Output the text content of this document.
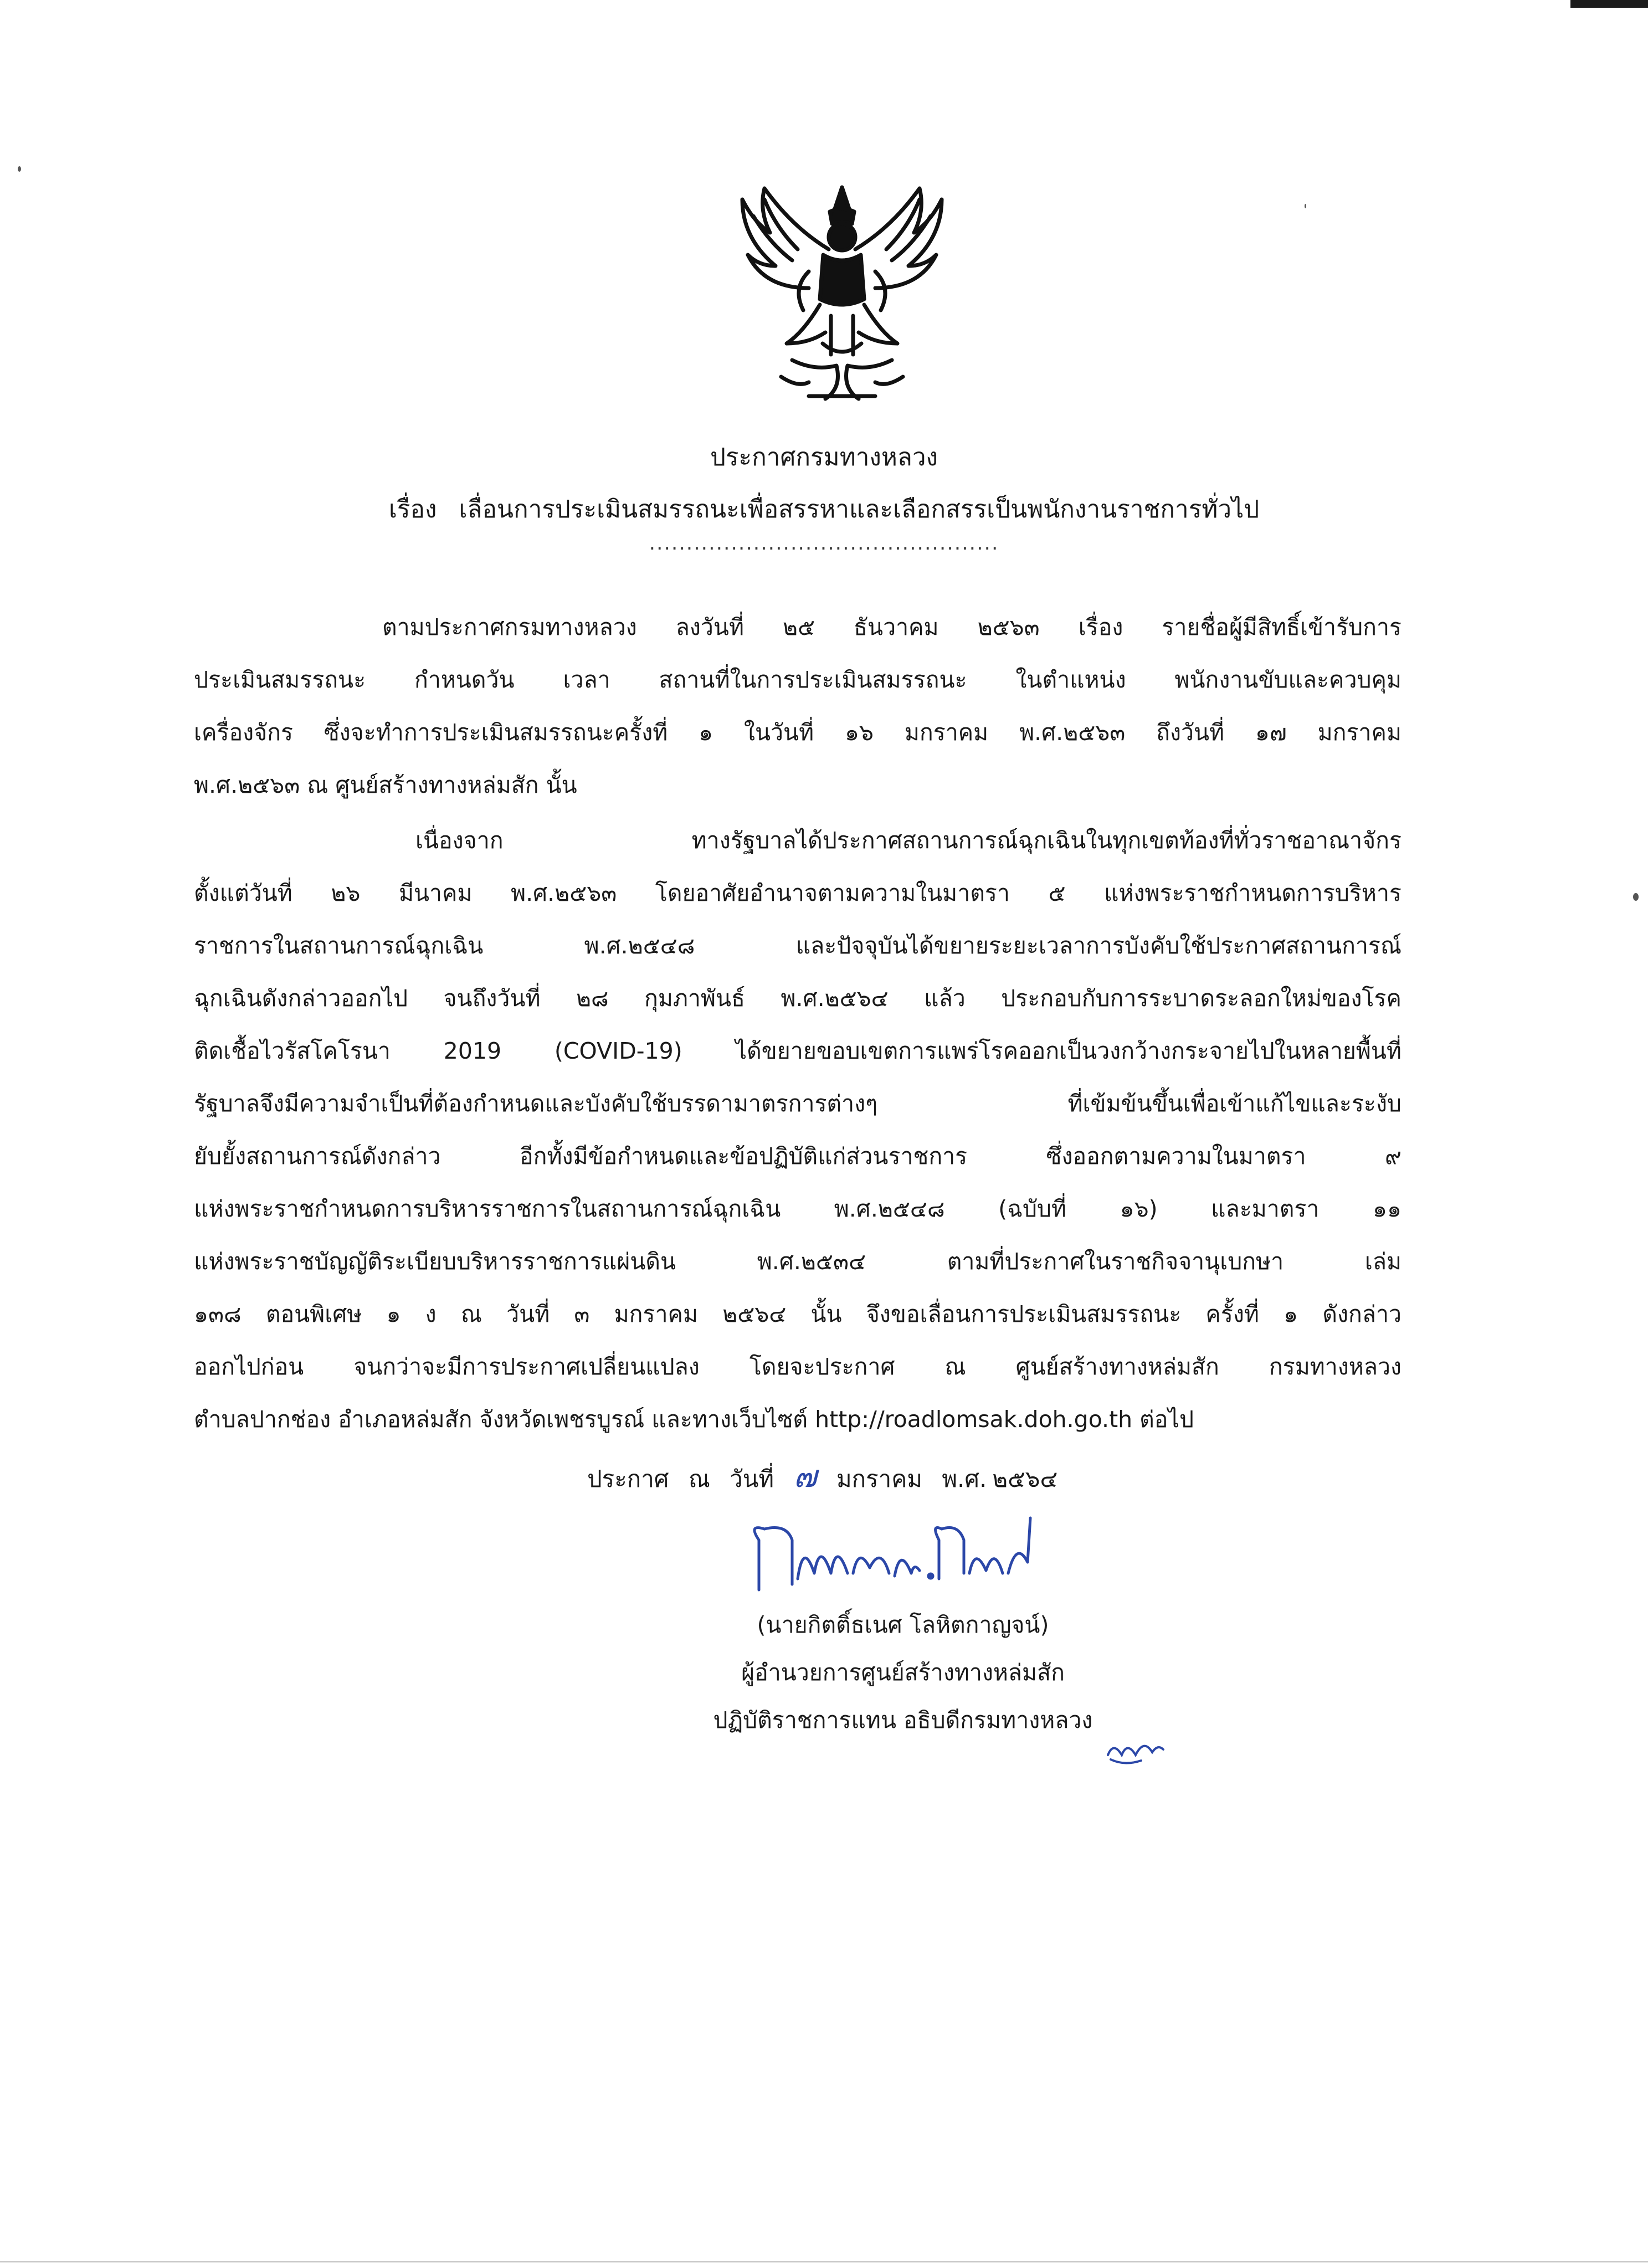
ประกาศกรมทางหลวง
เรื่อง เลื่อนการประเมินสมรรถนะเพื่อสรรหาและเลือกสรรเป็นพนักงานราชการทั่วไป
...............................................
ตามประกาศกรมทางหลวง ลงวันที่ ๒๕ ธันวาคม ๒๕๖๓ เรื่อง รายชื่อผู้มีสิทธิ์เข้ารับการ
ประเมินสมรรถนะ กำหนดวัน เวลา สถานที่ในการประเมินสมรรถนะ ในตำแหน่ง พนักงานขับและควบคุม
เครื่องจักร ซึ่งจะทำการประเมินสมรรถนะครั้งที่ ๑ ในวันที่ ๑๖ มกราคม พ.ศ.๒๕๖๓ ถึงวันที่ ๑๗ มกราคม
พ.ศ.๒๕๖๓ ณ ศูนย์สร้างทางหล่มสัก นั้น
เนื่องจาก ทางรัฐบาลได้ประกาศสถานการณ์ฉุกเฉินในทุกเขตท้องที่ทั่วราชอาณาจักร
ตั้งแต่วันที่ ๒๖ มีนาคม พ.ศ.๒๕๖๓ โดยอาศัยอำนาจตามความในมาตรา ๕ แห่งพระราชกำหนดการบริหาร
ราชการในสถานการณ์ฉุกเฉิน พ.ศ.๒๕๔๘ และปัจจุบันได้ขยายระยะเวลาการบังคับใช้ประกาศสถานการณ์
ฉุกเฉินดังกล่าวออกไป จนถึงวันที่ ๒๘ กุมภาพันธ์ พ.ศ.๒๕๖๔ แล้ว ประกอบกับการระบาดระลอกใหม่ของโรค
ติดเชื้อไวรัสโคโรนา 2019 (COVID-19) ได้ขยายขอบเขตการแพร่โรคออกเป็นวงกว้างกระจายไปในหลายพื้นที่
รัฐบาลจึงมีความจำเป็นที่ต้องกำหนดและบังคับใช้บรรดามาตรการต่างๆ ที่เข้มข้นขึ้นเพื่อเข้าแก้ไขและระงับ
ยับยั้งสถานการณ์ดังกล่าว อีกทั้งมีข้อกำหนดและข้อปฏิบัติแก่ส่วนราชการ ซึ่งออกตามความในมาตรา ๙
แห่งพระราชกำหนดการบริหารราชการในสถานการณ์ฉุกเฉิน พ.ศ.๒๕๔๘ (ฉบับที่ ๑๖) และมาตรา ๑๑
แห่งพระราชบัญญัติระเบียบบริหารราชการแผ่นดิน พ.ศ.๒๕๓๔ ตามที่ประกาศในราชกิจจานุเบกษา เล่ม
๑๓๘ ตอนพิเศษ ๑ ง ณ วันที่ ๓ มกราคม ๒๕๖๔ นั้น จึงขอเลื่อนการประเมินสมรรถนะ ครั้งที่ ๑ ดังกล่าว
ออกไปก่อน จนกว่าจะมีการประกาศเปลี่ยนแปลง โดยจะประกาศ ณ ศูนย์สร้างทางหล่มสัก กรมทางหลวง
ตำบลปากช่อง อำเภอหล่มสัก จังหวัดเพชรบูรณ์ และทางเว็บไซต์ http://roadlomsak.doh.go.th ต่อไป
ประกาศ ณ วันที่ ๗ มกราคม พ.ศ. ๒๕๖๔
(นายกิตติ์ธเนศ โลหิตกาญจน์)
ผู้อำนวยการศูนย์สร้างทางหล่มสัก
ปฏิบัติราชการแทน อธิบดีกรมทางหลวง
